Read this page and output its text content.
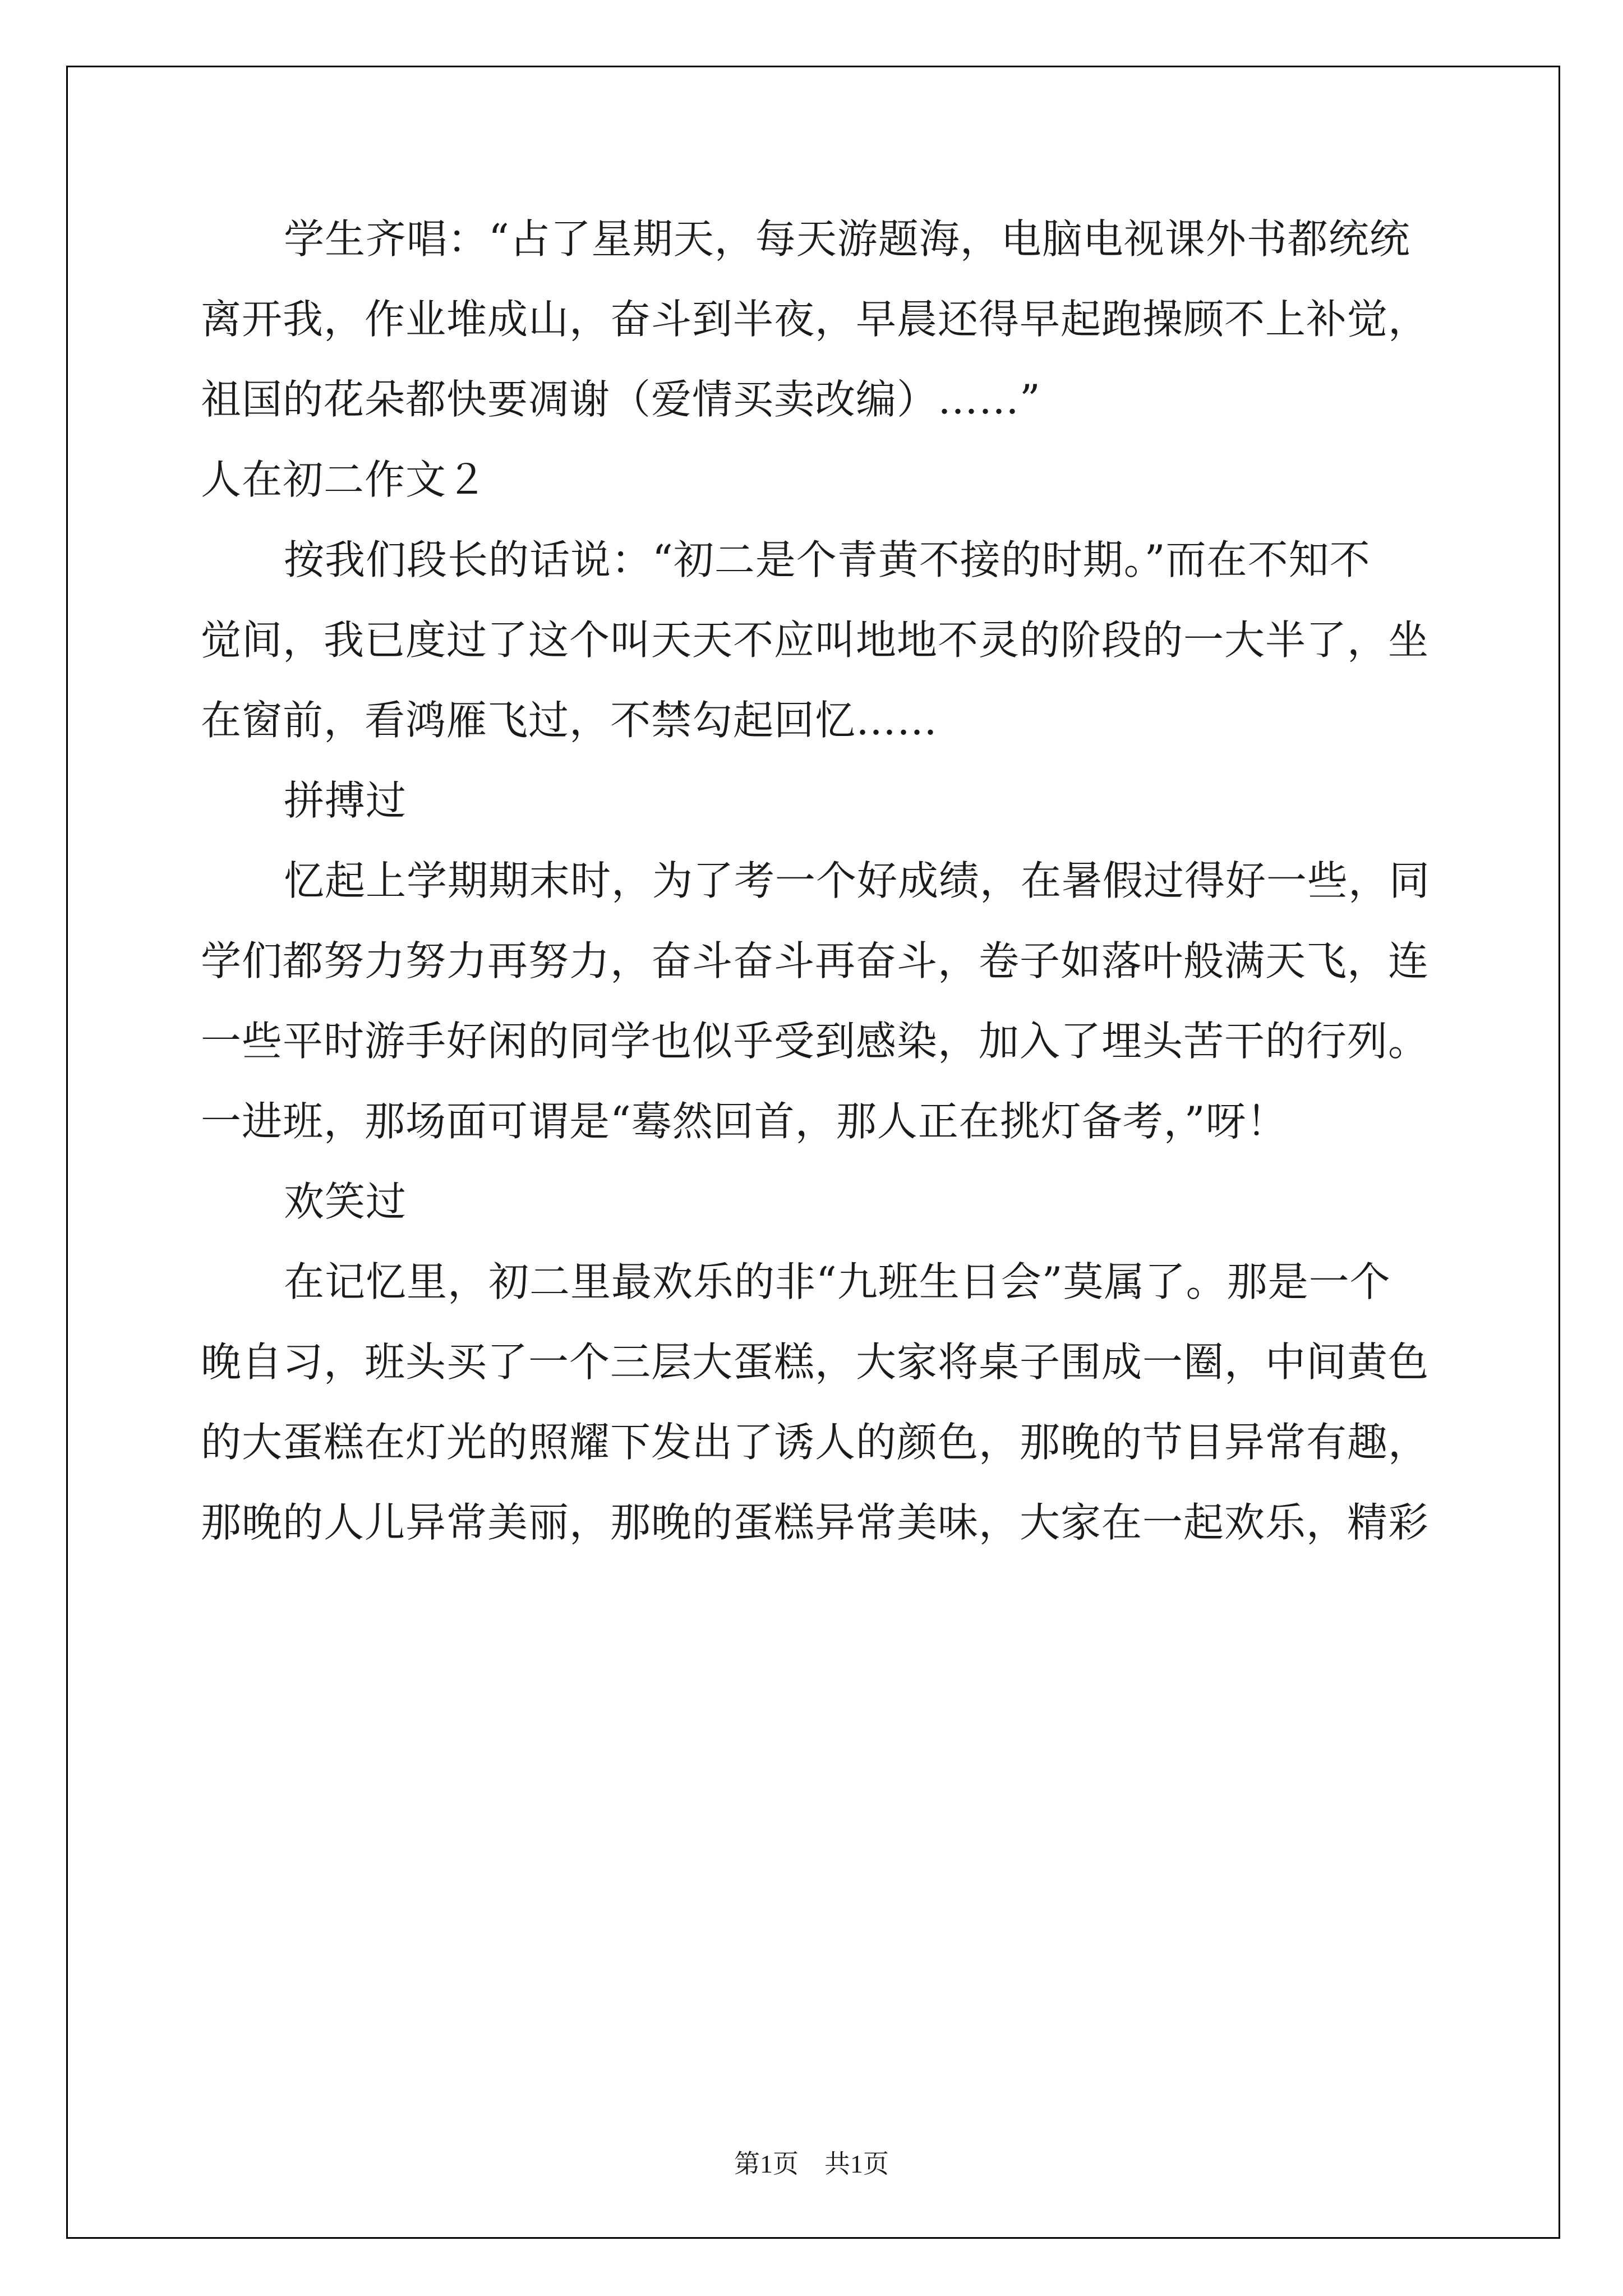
学生齐唱：“占了星期天，每天游题海，电脑电视课外书都统统
离开我，作业堆成山，奋斗到半夜，早晨还得早起跑操顾不上补觉，
祖国的花朵都快要凋谢（爱情买卖改编）……”
人在初二作文２
按我们段长的话说：“初二是个青黄不接的时期。”而在不知不
觉间，我已度过了这个叫天天不应叫地地不灵的阶段的一大半了，坐
在窗前，看鸿雁飞过，不禁勾起回忆……
拼搏过
忆起上学期期末时，为了考一个好成绩，在暑假过得好一些，同
学们都努力努力再努力，奋斗奋斗再奋斗，卷子如落叶般满天飞，连
一些平时游手好闲的同学也似乎受到感染，加入了埋头苦干的行列。
一进班，那场面可谓是“蓦然回首，那人正在挑灯备考，”呀！
欢笑过
在记忆里，初二里最欢乐的非“九班生日会”莫属了。那是一个
晚自习，班头买了一个三层大蛋糕，大家将桌子围成一圈，中间黄色
的大蛋糕在灯光的照耀下发出了诱人的颜色，那晚的节目异常有趣，
那晚的人儿异常美丽，那晚的蛋糕异常美味，大家在一起欢乐，精彩
第1页　共1页
